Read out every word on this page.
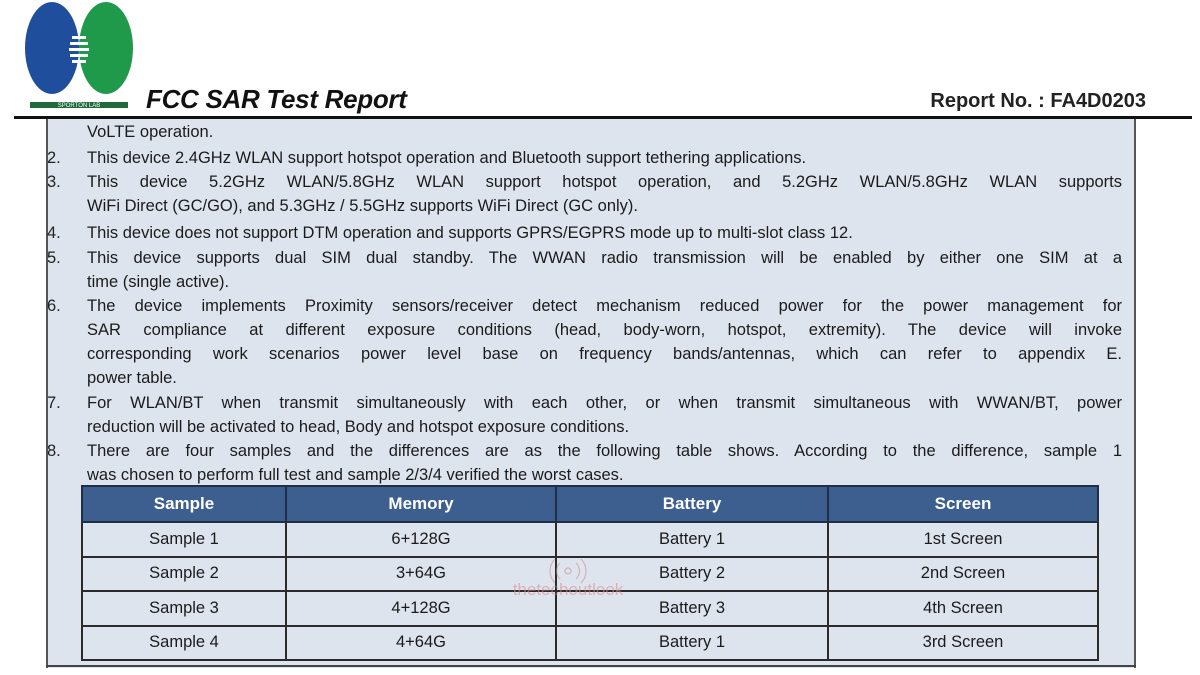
SPORTON LAB FCC SAR Test Report	Report No. : FA4D0203
VoLTE operation.
2. This device 2.4GHz WLAN support hotspot operation and Bluetooth support tethering applications.
3. This device 5.2GHz WLAN/5.8GHz WLAN support hotspot operation, and 5.2GHz WLAN/5.8GHz WLAN supports
WiFi Direct (GC/GO), and 5.3GHz / 5.5GHz supports WiFi Direct (GC only).
4. This device does not support DTM operation and supports GPRS/EGPRS mode up to multi-slot class 12.
5. This device supports dual SIM dual standby. The WWAN radio transmission will be enabled by either one SIM at a
time (single active).
6. The device implements Proximity sensors/receiver detect mechanism reduced power for the power management for
SAR compliance at different exposure conditions (head, body-worn, hotspot, extremity). The device will invoke
corresponding work scenarios power level base on frequency bands/antennas, which can refer to appendix E.
power table.
7. For WLAN/BT when transmit simultaneously with each other, or when transmit simultaneous with WWAN/BT, power
reduction will be activated to head, Body and hotspot exposure conditions.
8. There are four samples and the differences are as the following table shows. According to the difference, sample 1
was chosen to perform full test and sample 2/3/4 verified the worst cases.
Sample	Memory	Battery	Screen
Sample 1	6+128G	Battery 1	1st Screen
Sample 2	3+64G	Battery 2	2nd Screen
Sample 3	4+128G	Battery 3	4th Screen
Sample 4	4+64G	Battery 1	3rd Screen
thetechoutlook
